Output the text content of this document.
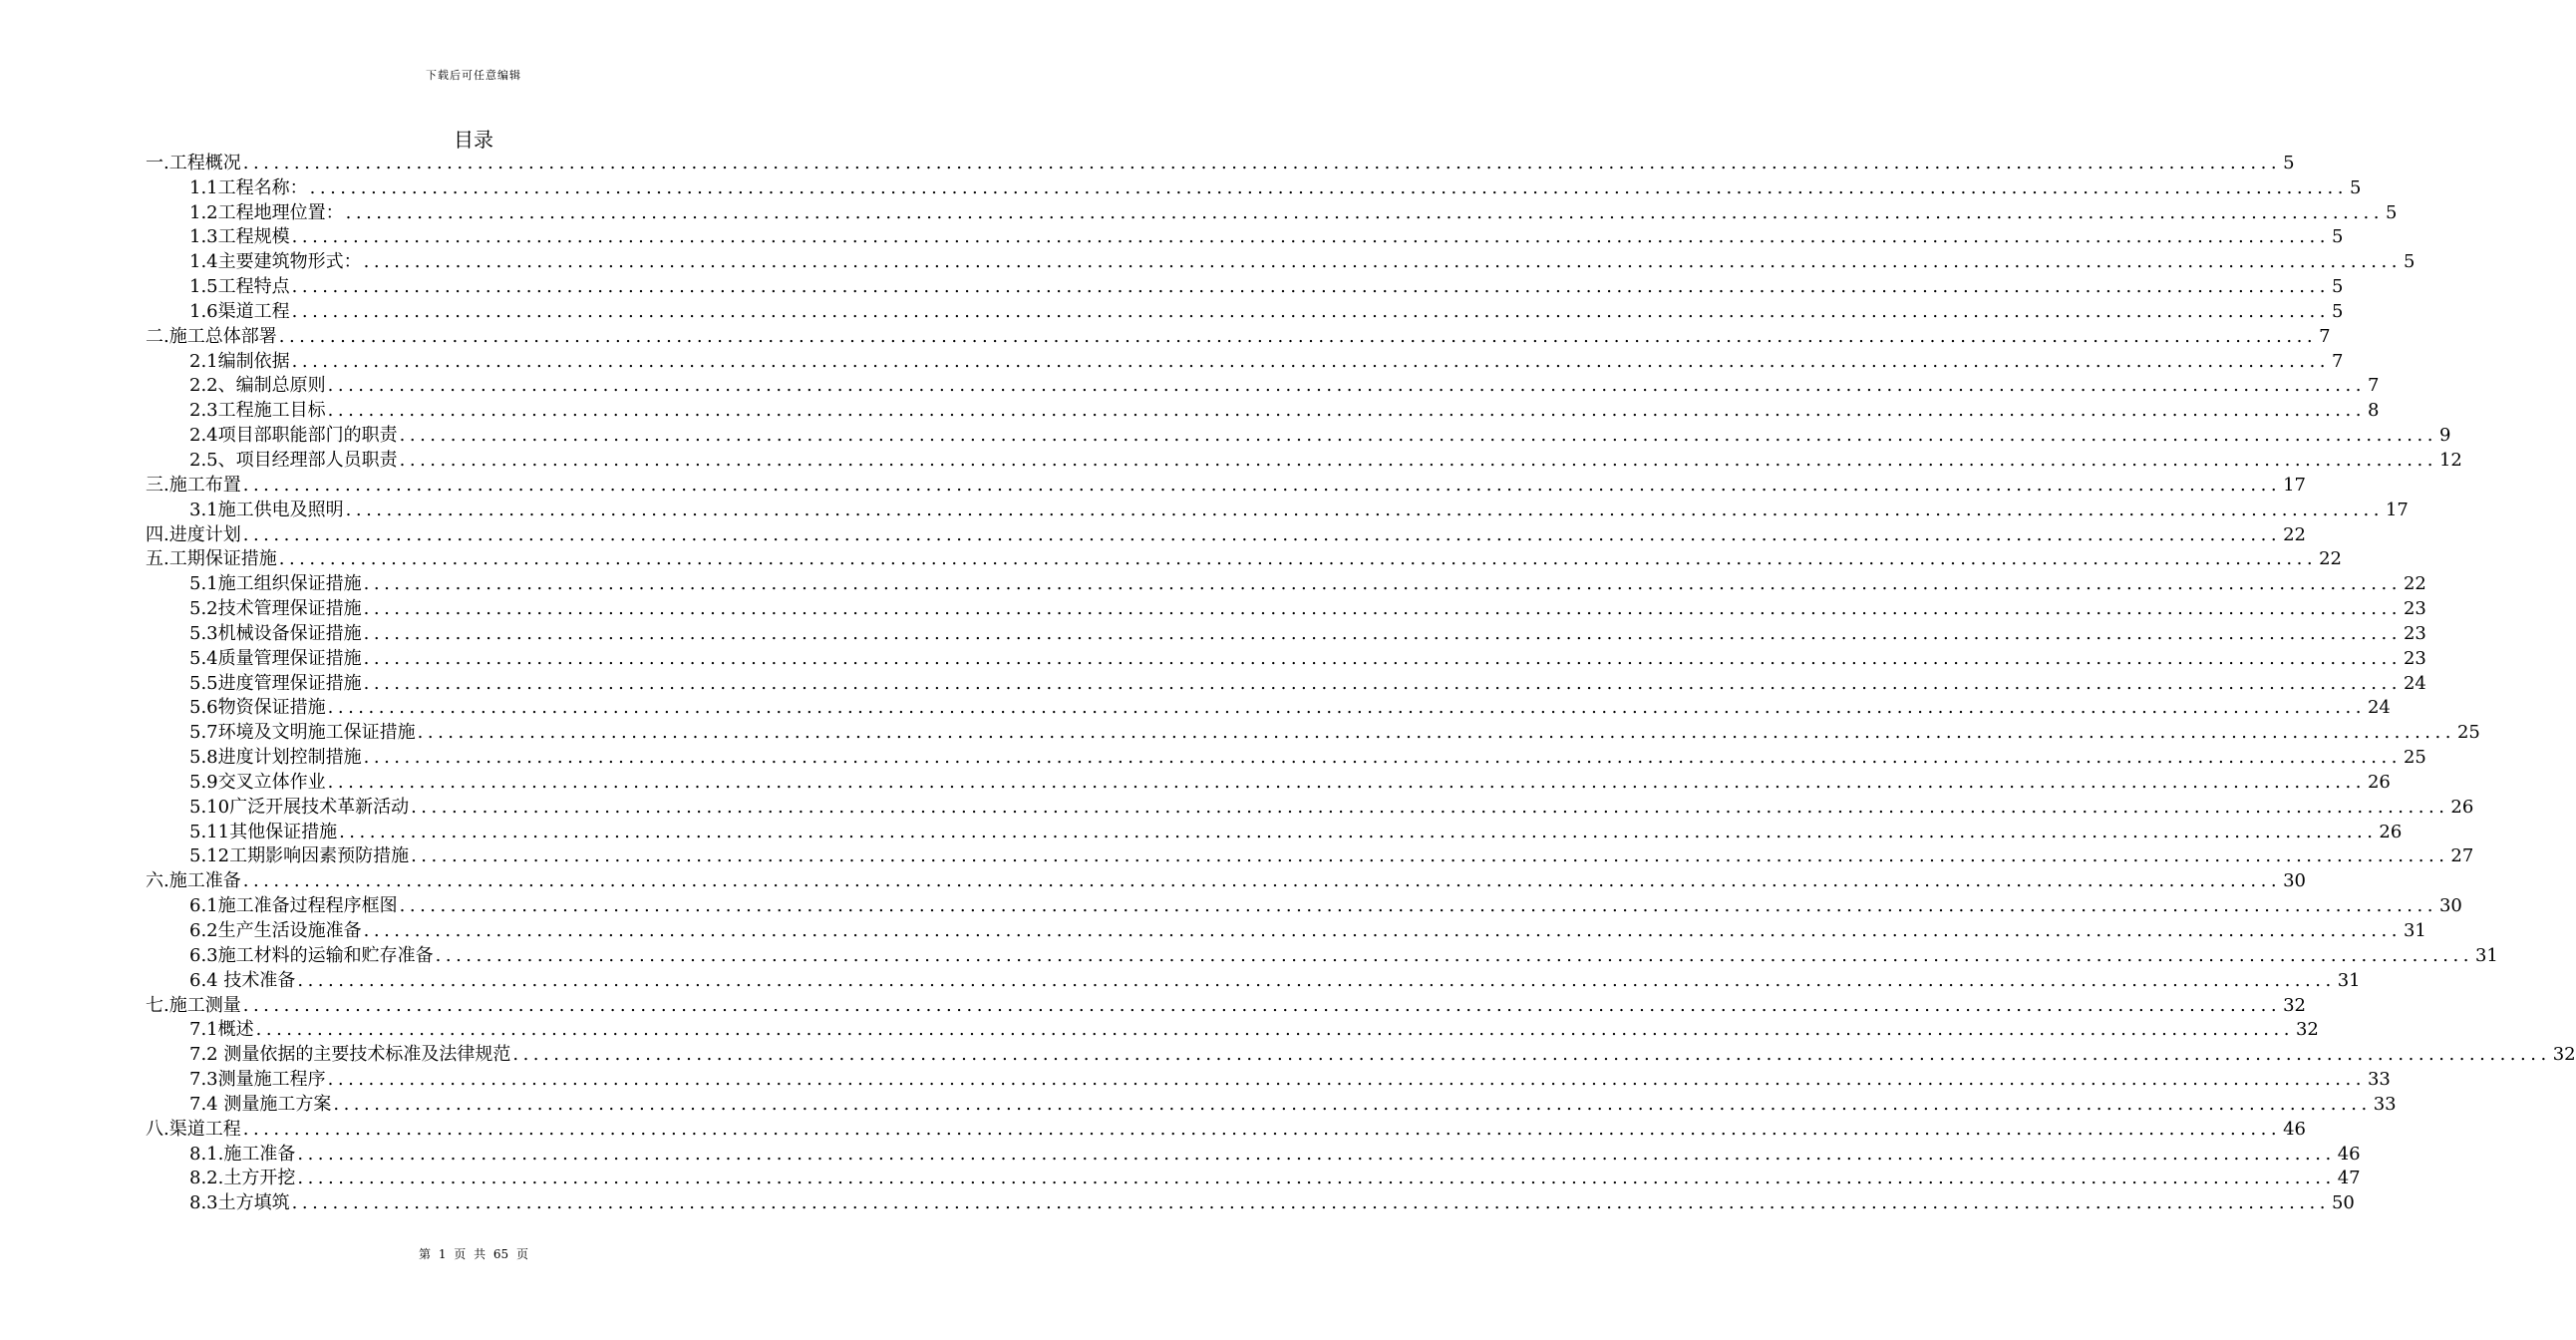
下载后可任意编辑
目录
一.工程概况 ........................................................................................................................................................................................................ 5
1.1工程名称： ........................................................................................................................................................................................................ 5
1.2工程地理位置： ........................................................................................................................................................................................................ 5
1.3工程规模 ........................................................................................................................................................................................................ 5
1.4主要建筑物形式： ........................................................................................................................................................................................................ 5
1.5工程特点 ........................................................................................................................................................................................................ 5
1.6渠道工程 ........................................................................................................................................................................................................ 5
二.施工总体部署 ........................................................................................................................................................................................................ 7
2.1编制依据 ........................................................................................................................................................................................................ 7
2.2、编制总原则 ........................................................................................................................................................................................................ 7
2.3工程施工目标 ........................................................................................................................................................................................................ 8
2.4项目部职能部门的职责 ........................................................................................................................................................................................................ 9
2.5、项目经理部人员职责 ........................................................................................................................................................................................................ 12
三.施工布置 ........................................................................................................................................................................................................ 17
3.1施工供电及照明 ........................................................................................................................................................................................................ 17
四.进度计划 ........................................................................................................................................................................................................ 22
五.工期保证措施 ........................................................................................................................................................................................................ 22
5.1施工组织保证措施 ........................................................................................................................................................................................................ 22
5.2技术管理保证措施 ........................................................................................................................................................................................................ 23
5.3机械设备保证措施 ........................................................................................................................................................................................................ 23
5.4质量管理保证措施 ........................................................................................................................................................................................................ 23
5.5进度管理保证措施 ........................................................................................................................................................................................................ 24
5.6物资保证措施 ........................................................................................................................................................................................................ 24
5.7环境及文明施工保证措施 ........................................................................................................................................................................................................ 25
5.8进度计划控制措施 ........................................................................................................................................................................................................ 25
5.9交叉立体作业 ........................................................................................................................................................................................................ 26
5.10广泛开展技术革新活动 ........................................................................................................................................................................................................ 26
5.11其他保证措施 ........................................................................................................................................................................................................ 26
5.12工期影响因素预防措施 ........................................................................................................................................................................................................ 27
六.施工准备 ........................................................................................................................................................................................................ 30
6.1施工准备过程程序框图 ........................................................................................................................................................................................................ 30
6.2生产生活设施准备 ........................................................................................................................................................................................................ 31
6.3施工材料的运输和贮存准备 ........................................................................................................................................................................................................ 31
6.4 技术准备 ........................................................................................................................................................................................................ 31
七.施工测量 ........................................................................................................................................................................................................ 32
7.1概述 ........................................................................................................................................................................................................ 32
7.2 测量依据的主要技术标准及法律规范 ........................................................................................................................................................................................................ 32
7.3测量施工程序 ........................................................................................................................................................................................................ 33
7.4 测量施工方案 ........................................................................................................................................................................................................ 33
八.渠道工程 ........................................................................................................................................................................................................ 46
8.1.施工准备 ........................................................................................................................................................................................................ 46
8.2.土方开挖 ........................................................................................................................................................................................................ 47
8.3土方填筑 ........................................................................................................................................................................................................ 50
第 1 页 共 65 页
